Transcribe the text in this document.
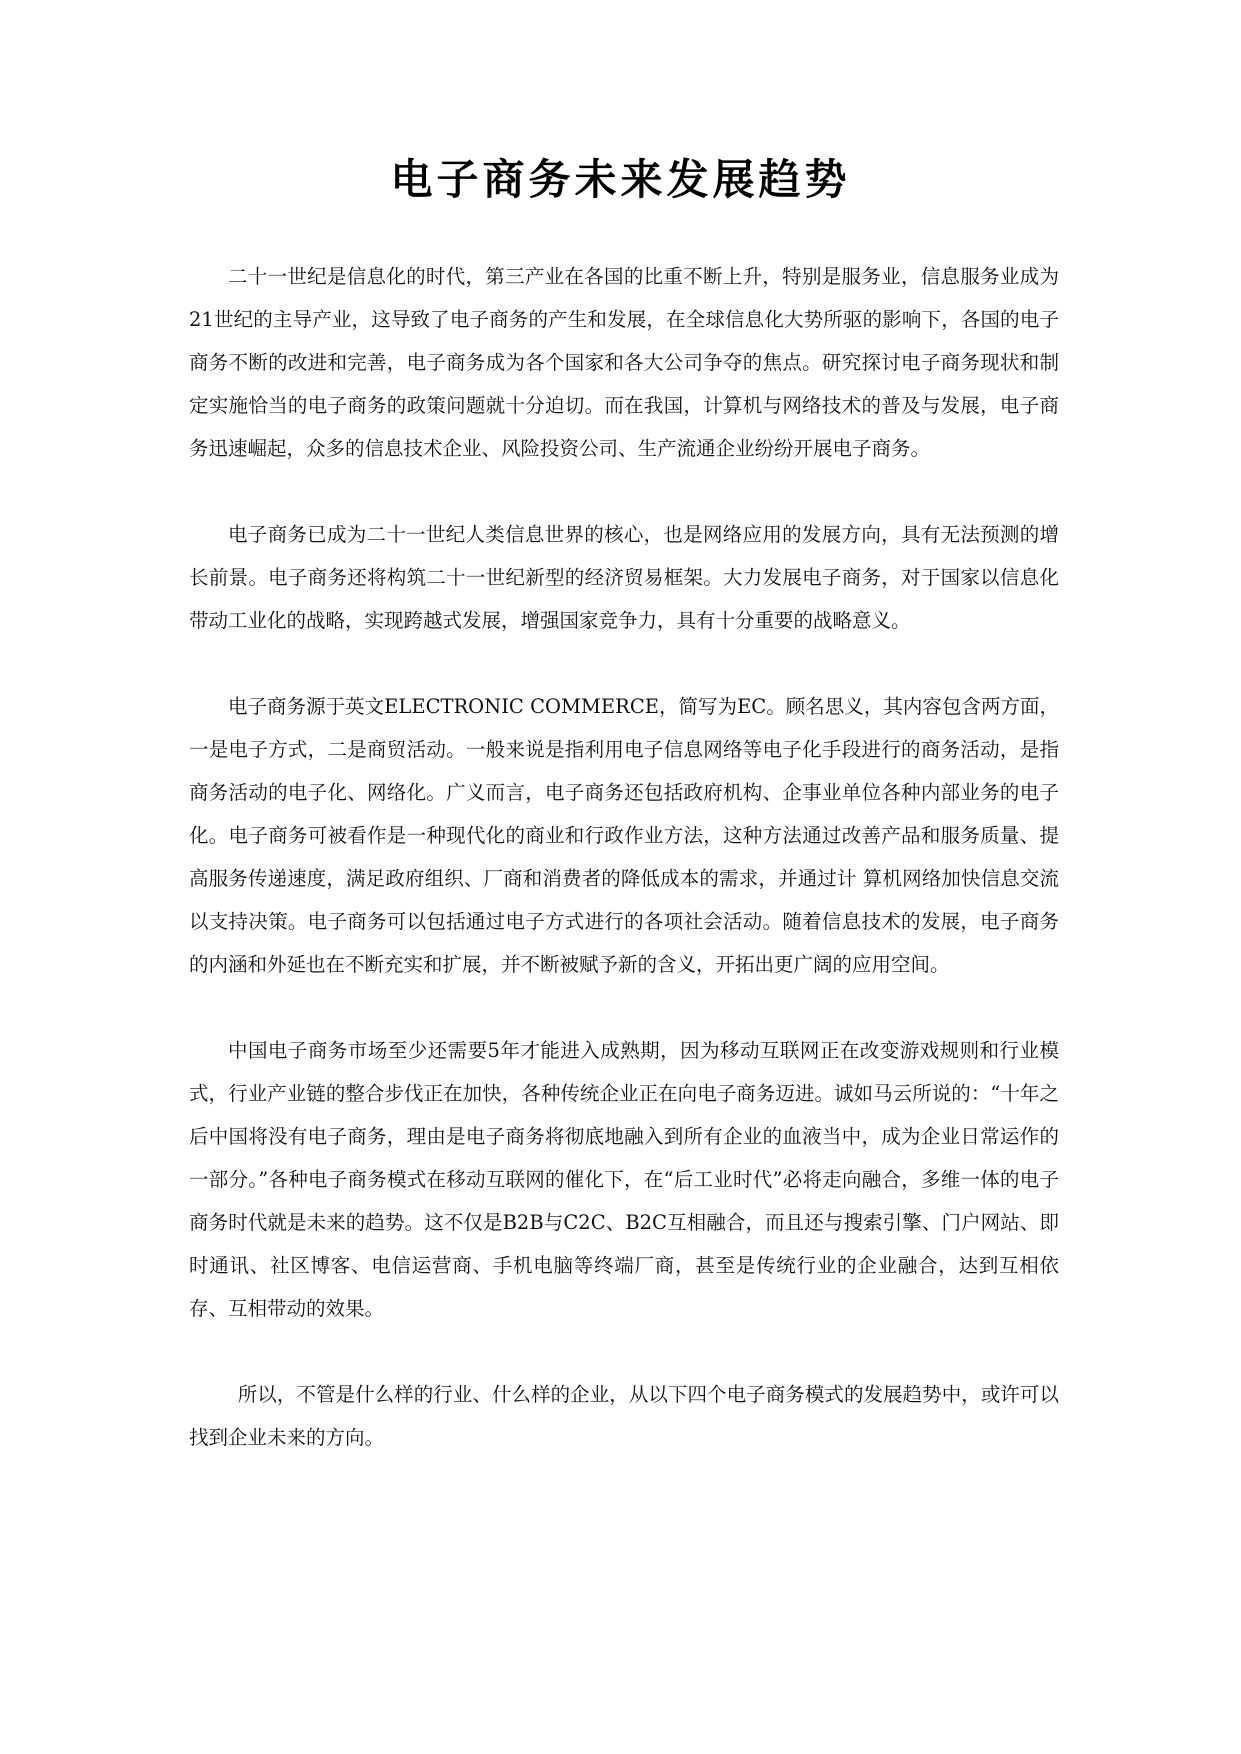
电子商务未来发展趋势

二十一世纪是信息化的时代，第三产业在各国的比重不断上升，特别是服务业，信息服务业成为21世纪的主导产业，这导致了电子商务的产生和发展，在全球信息化大势所驱的影响下，各国的电子商务不断的改进和完善，电子商务成为各个国家和各大公司争夺的焦点。研究探讨电子商务现状和制定实施恰当的电子商务的政策问题就十分迫切。而在我国，计算机与网络技术的普及与发展，电子商务迅速崛起，众多的信息技术企业、风险投资公司、生产流通企业纷纷开展电子商务。

电子商务已成为二十一世纪人类信息世界的核心，也是网络应用的发展方向，具有无法预测的增长前景。电子商务还将构筑二十一世纪新型的经济贸易框架。大力发展电子商务，对于国家以信息化带动工业化的战略，实现跨越式发展，增强国家竞争力，具有十分重要的战略意义。

电子商务源于英文ELECTRONIC COMMERCE，简写为EC。顾名思义，其内容包含两方面，一是电子方式，二是商贸活动。一般来说是指利用电子信息网络等电子化手段进行的商务活动，是指商务活动的电子化、网络化。广义而言，电子商务还包括政府机构、企事业单位各种内部业务的电子化。电子商务可被看作是一种现代化的商业和行政作业方法，这种方法通过改善产品和服务质量、提高服务传递速度，满足政府组织、厂商和消费者的降低成本的需求，并通过计 算机网络加快信息交流以支持决策。电子商务可以包括通过电子方式进行的各项社会活动。随着信息技术的发展，电子商务的内涵和外延也在不断充实和扩展，并不断被赋予新的含义，开拓出更广阔的应用空间。

中国电子商务市场至少还需要5年才能进入成熟期，因为移动互联网正在改变游戏规则和行业模式，行业产业链的整合步伐正在加快，各种传统企业正在向电子商务迈进。诚如马云所说的：“十年之后中国将没有电子商务，理由是电子商务将彻底地融入到所有企业的血液当中，成为企业日常运作的一部分。”各种电子商务模式在移动互联网的催化下，在“后工业时代”必将走向融合，多维一体的电子商务时代就是未来的趋势。这不仅是B2B与C2C、B2C互相融合，而且还与搜索引擎、门户网站、即时通讯、社区博客、电信运营商、手机电脑等终端厂商，甚至是传统行业的企业融合，达到互相依存、互相带动的效果。

所以，不管是什么样的行业、什么样的企业，从以下四个电子商务模式的发展趋势中，或许可以找到企业未来的方向。
